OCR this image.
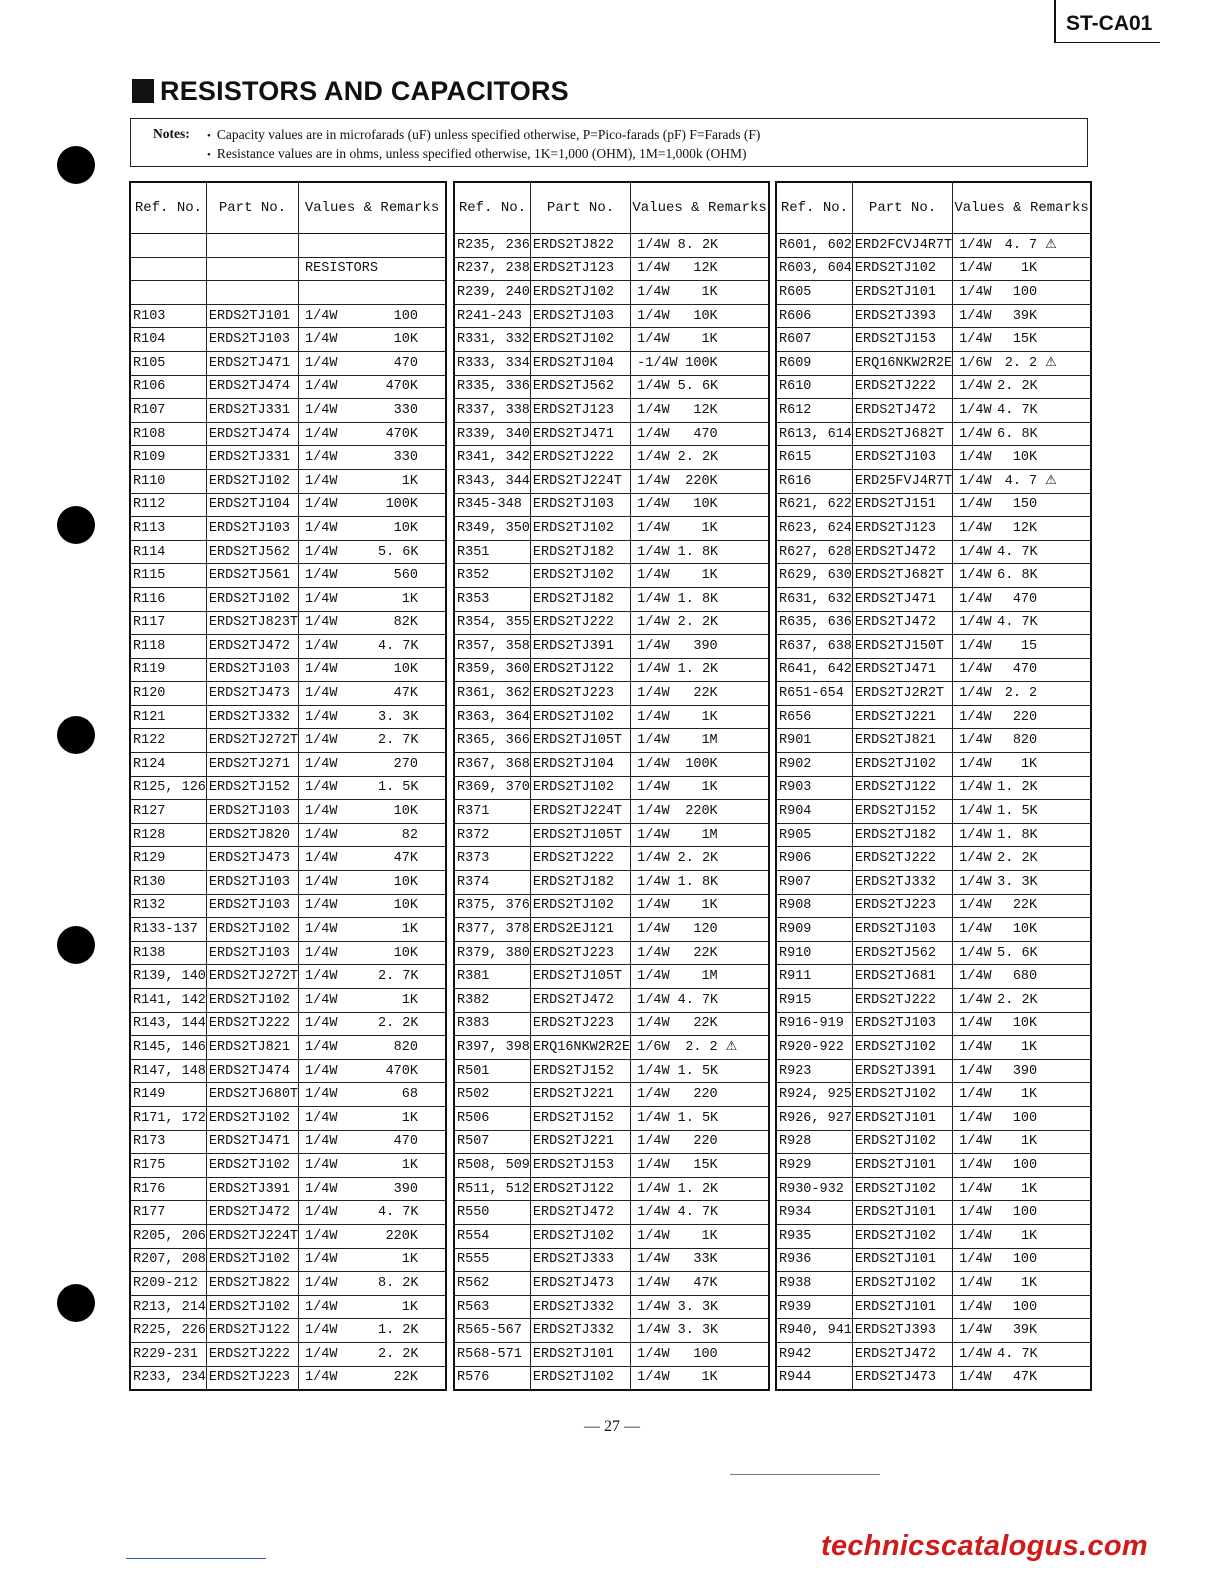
ST-CA01
RESISTORS AND CAPACITORS
Notes:	• Capacity values are in microfarads (uF) unless specified otherwise, P=Pico-farads (pF) F=Farads (F)
• Resistance values are in ohms, unless specified otherwise, 1K=1,000 (OHM), 1M=1,000k (OHM)
Ref. No.	Part No.	Values & Remarks	

		RESISTORS	

R103	ERDS2TJ101	1/4W	100
R104	ERDS2TJ103	1/4W	10K
R105	ERDS2TJ471	1/4W	470
R106	ERDS2TJ474	1/4W	470K
R107	ERDS2TJ331	1/4W	330
R108	ERDS2TJ474	1/4W	470K
R109	ERDS2TJ331	1/4W	330
R110	ERDS2TJ102	1/4W	1K
R112	ERDS2TJ104	1/4W	100K
R113	ERDS2TJ103	1/4W	10K
R114	ERDS2TJ562	1/4W	5. 6K
R115	ERDS2TJ561	1/4W	560
R116	ERDS2TJ102	1/4W	1K
R117	ERDS2TJ823T	1/4W	82K
R118	ERDS2TJ472	1/4W	4. 7K
R119	ERDS2TJ103	1/4W	10K
R120	ERDS2TJ473	1/4W	47K
R121	ERDS2TJ332	1/4W	3. 3K
R122	ERDS2TJ272T	1/4W	2. 7K
R124	ERDS2TJ271	1/4W	270
R125, 126	ERDS2TJ152	1/4W	1. 5K
R127	ERDS2TJ103	1/4W	10K
R128	ERDS2TJ820	1/4W	82
R129	ERDS2TJ473	1/4W	47K
R130	ERDS2TJ103	1/4W	10K
R132	ERDS2TJ103	1/4W	10K
R133-137	ERDS2TJ102	1/4W	1K
R138	ERDS2TJ103	1/4W	10K
R139, 140	ERDS2TJ272T	1/4W	2. 7K
R141, 142	ERDS2TJ102	1/4W	1K
R143, 144	ERDS2TJ222	1/4W	2. 2K
R145, 146	ERDS2TJ821	1/4W	820
R147, 148	ERDS2TJ474	1/4W	470K
R149	ERDS2TJ680T	1/4W	68
R171, 172	ERDS2TJ102	1/4W	1K
R173	ERDS2TJ471	1/4W	470
R175	ERDS2TJ102	1/4W	1K
R176	ERDS2TJ391	1/4W	390
R177	ERDS2TJ472	1/4W	4. 7K
R205, 206	ERDS2TJ224T	1/4W	220K
R207, 208	ERDS2TJ102	1/4W	1K
R209-212	ERDS2TJ822	1/4W	8. 2K
R213, 214	ERDS2TJ102	1/4W	1K
R225, 226	ERDS2TJ122	1/4W	1. 2K
R229-231	ERDS2TJ222	1/4W	2. 2K
R233, 234	ERDS2TJ223	1/4W	22K
Ref. No.	Part No.	Values & Remarks	
R235, 236	ERDS2TJ822	1/4W	8. 2K
R237, 238	ERDS2TJ123	1/4W	12K
R239, 240	ERDS2TJ102	1/4W	1K
R241-243	ERDS2TJ103	1/4W	10K
R331, 332	ERDS2TJ102	1/4W	1K
R333, 334	ERDS2TJ104	-1/4W	100K
R335, 336	ERDS2TJ562	1/4W	5. 6K
R337, 338	ERDS2TJ123	1/4W	12K
R339, 340	ERDS2TJ471	1/4W	470
R341, 342	ERDS2TJ222	1/4W	2. 2K
R343, 344	ERDS2TJ224T	1/4W	220K
R345-348	ERDS2TJ103	1/4W	10K
R349, 350	ERDS2TJ102	1/4W	1K
R351	ERDS2TJ182	1/4W	1. 8K
R352	ERDS2TJ102	1/4W	1K
R353	ERDS2TJ182	1/4W	1. 8K
R354, 355	ERDS2TJ222	1/4W	2. 2K
R357, 358	ERDS2TJ391	1/4W	390
R359, 360	ERDS2TJ122	1/4W	1. 2K
R361, 362	ERDS2TJ223	1/4W	22K
R363, 364	ERDS2TJ102	1/4W	1K
R365, 366	ERDS2TJ105T	1/4W	1M
R367, 368	ERDS2TJ104	1/4W	100K
R369, 370	ERDS2TJ102	1/4W	1K
R371	ERDS2TJ224T	1/4W	220K
R372	ERDS2TJ105T	1/4W	1M
R373	ERDS2TJ222	1/4W	2. 2K
R374	ERDS2TJ182	1/4W	1. 8K
R375, 376	ERDS2TJ102	1/4W	1K
R377, 378	ERDS2EJ121	1/4W	120
R379, 380	ERDS2TJ223	1/4W	22K
R381	ERDS2TJ105T	1/4W	1M
R382	ERDS2TJ472	1/4W	4. 7K
R383	ERDS2TJ223	1/4W	22K
R397, 398	ERQ16NKW2R2E	1/6W	2. 2 ⚠
R501	ERDS2TJ152	1/4W	1. 5K
R502	ERDS2TJ221	1/4W	220
R506	ERDS2TJ152	1/4W	1. 5K
R507	ERDS2TJ221	1/4W	220
R508, 509	ERDS2TJ153	1/4W	15K
R511, 512	ERDS2TJ122	1/4W	1. 2K
R550	ERDS2TJ472	1/4W	4. 7K
R554	ERDS2TJ102	1/4W	1K
R555	ERDS2TJ333	1/4W	33K
R562	ERDS2TJ473	1/4W	47K
R563	ERDS2TJ332	1/4W	3. 3K
R565-567	ERDS2TJ332	1/4W	3. 3K
R568-571	ERDS2TJ101	1/4W	100
R576	ERDS2TJ102	1/4W	1K
Ref. No.	Part No.	Values & Remarks	
R601, 602	ERD2FCVJ4R7T	1/4W	4. 7 ⚠
R603, 604	ERDS2TJ102	1/4W	1K
R605	ERDS2TJ101	1/4W	100
R606	ERDS2TJ393	1/4W	39K
R607	ERDS2TJ153	1/4W	15K
R609	ERQ16NKW2R2E	1/6W	2. 2 ⚠
R610	ERDS2TJ222	1/4W	2. 2K
R612	ERDS2TJ472	1/4W	4. 7K
R613, 614	ERDS2TJ682T	1/4W	6. 8K
R615	ERDS2TJ103	1/4W	10K
R616	ERD25FVJ4R7T	1/4W	4. 7 ⚠
R621, 622	ERDS2TJ151	1/4W	150
R623, 624	ERDS2TJ123	1/4W	12K
R627, 628	ERDS2TJ472	1/4W	4. 7K
R629, 630	ERDS2TJ682T	1/4W	6. 8K
R631, 632	ERDS2TJ471	1/4W	470
R635, 636	ERDS2TJ472	1/4W	4. 7K
R637, 638	ERDS2TJ150T	1/4W	15
R641, 642	ERDS2TJ471	1/4W	470
R651-654	ERDS2TJ2R2T	1/4W	2. 2
R656	ERDS2TJ221	1/4W	220
R901	ERDS2TJ821	1/4W	820
R902	ERDS2TJ102	1/4W	1K
R903	ERDS2TJ122	1/4W	1. 2K
R904	ERDS2TJ152	1/4W	1. 5K
R905	ERDS2TJ182	1/4W	1. 8K
R906	ERDS2TJ222	1/4W	2. 2K
R907	ERDS2TJ332	1/4W	3. 3K
R908	ERDS2TJ223	1/4W	22K
R909	ERDS2TJ103	1/4W	10K
R910	ERDS2TJ562	1/4W	5. 6K
R911	ERDS2TJ681	1/4W	680
R915	ERDS2TJ222	1/4W	2. 2K
R916-919	ERDS2TJ103	1/4W	10K
R920-922	ERDS2TJ102	1/4W	1K
R923	ERDS2TJ391	1/4W	390
R924, 925	ERDS2TJ102	1/4W	1K
R926, 927	ERDS2TJ101	1/4W	100
R928	ERDS2TJ102	1/4W	1K
R929	ERDS2TJ101	1/4W	100
R930-932	ERDS2TJ102	1/4W	1K
R934	ERDS2TJ101	1/4W	100
R935	ERDS2TJ102	1/4W	1K
R936	ERDS2TJ101	1/4W	100
R938	ERDS2TJ102	1/4W	1K
R939	ERDS2TJ101	1/4W	100
R940, 941	ERDS2TJ393	1/4W	39K
R942	ERDS2TJ472	1/4W	4. 7K
R944	ERDS2TJ473	1/4W	47K
— 27 —
technicscatalogus.com
